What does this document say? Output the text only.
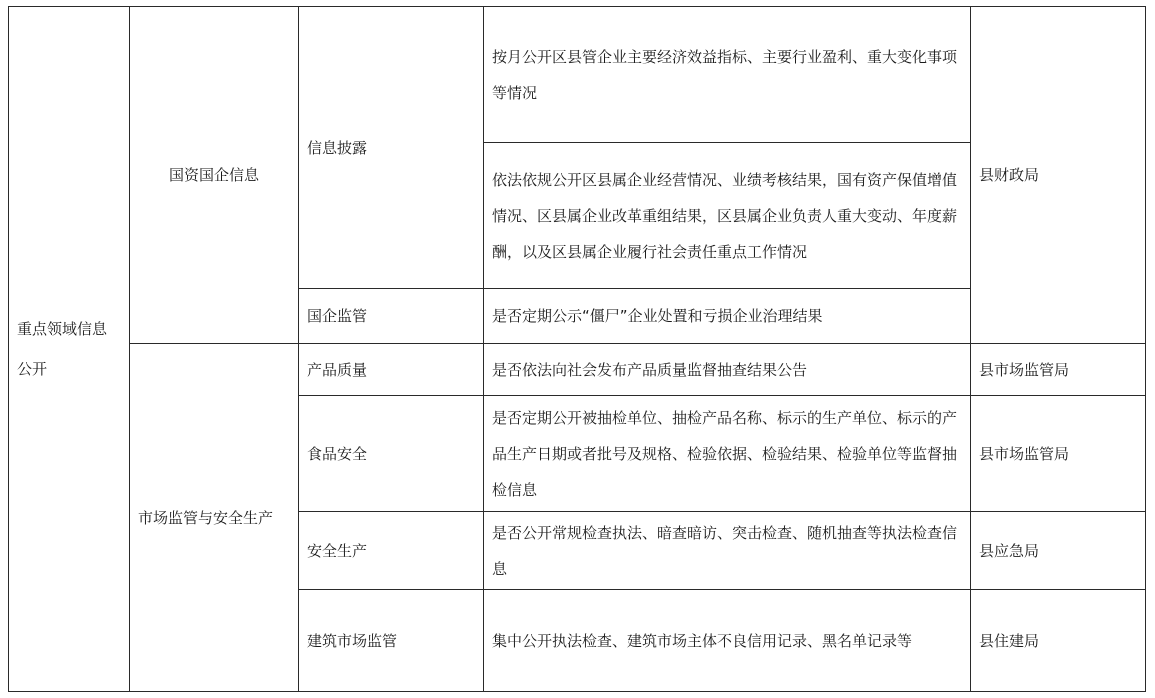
重点领域信息公开	国资国企信息	信息披露	按月公开区县管企业主要经济效益指标、主要行业盈利、重大变化事项等情况	县财政局
			依法依规公开区县属企业经营情况、业绩考核结果，国有资产保值增值情况、区县属企业改革重组结果，区县属企业负责人重大变动、年度薪酬，以及区县属企业履行社会责任重点工作情况	
		国企监管	是否定期公示“僵尸”企业处置和亏损企业治理结果	
	市场监管与安全生产	产品质量	是否依法向社会发布产品质量监督抽查结果公告	县市场监管局
		食品安全	是否定期公开被抽检单位、抽检产品名称、标示的生产单位、标示的产品生产日期或者批号及规格、检验依据、检验结果、检验单位等监督抽检信息	县市场监管局
		安全生产	是否公开常规检查执法、暗查暗访、突击检查、随机抽查等执法检查信息	县应急局
		建筑市场监管	集中公开执法检查、建筑市场主体不良信用记录、黑名单记录等	县住建局
